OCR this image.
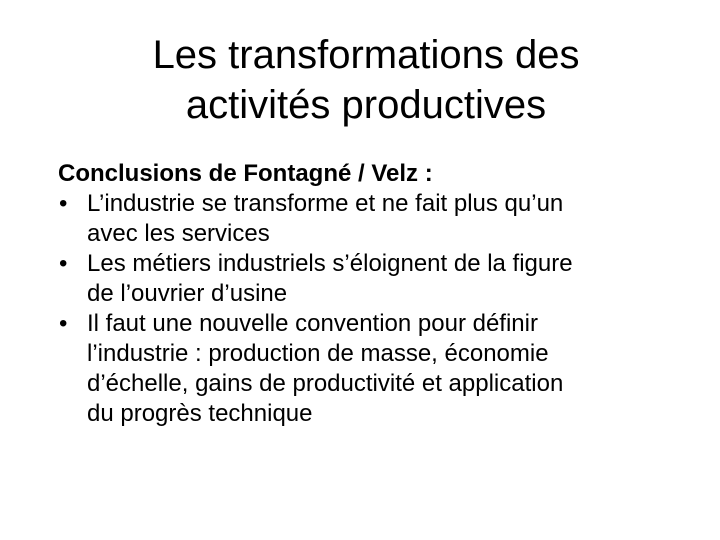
Les transformations des
activités productives

Conclusions de Fontagné / Velz :

• L’industrie se transforme et ne fait plus qu’un
avec les services
• Les métiers industriels s’éloignent de la figure
de l’ouvrier d’usine
• Il faut une nouvelle convention pour définir
l’industrie : production de masse, économie
d’échelle, gains de productivité et application
du progrès technique
